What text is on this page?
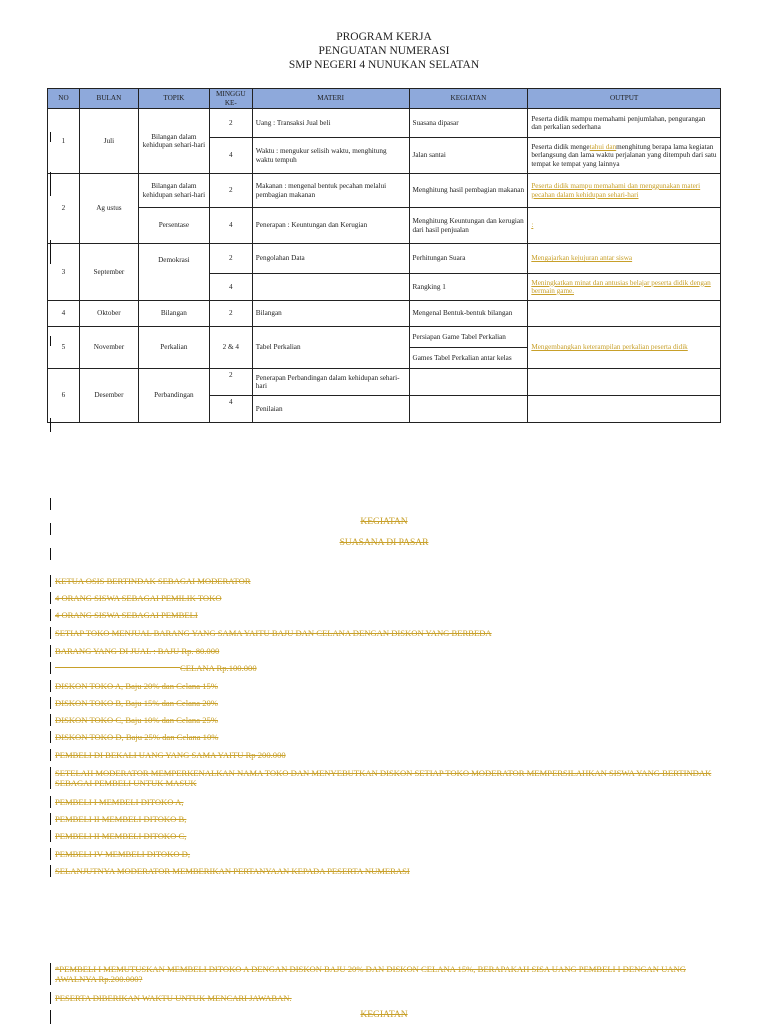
PROGRAM KERJA
PENGUATAN NUMERASI
SMP NEGERI 4 NUNUKAN SELATAN
NO	BULAN	TOPIK	MINGGU KE-	MATERI	KEGIATAN	OUTPUT
1	Juli	Bilangan dalam kehidupan sehari-hari	2	Uang : Transaksi Jual beli	Suasana dipasar	Peserta didik mampu memahami penjumlahan, pengurangan dan perkalian sederhana
			4	Waktu : mengukur selisih waktu, menghitung waktu tempuh	Jalan santai	Peserta didik mengetahui danmenghitung berapa lama kegiatan berlangsung dan lama waktu perjalanan yang ditempuh dari satu tempat ke tempat yang lainnya
2	Ag ustus	Bilangan dalam kehidupan sehari-hari	2	Makanan : mengenal bentuk pecahan melalui pembagian makanan	Menghitung hasil pembagian makanan	Peserta didik mampu memahami dan menggunakan materi pecahan dalam kehidupan sehari-hari
		Persentase	4	Penerapan : Keuntungan dan Kerugian	Menghitung Keuntungan dan kerugian dari hasil penjualan	:
3	September	Demokrasi	2	Pengolahan Data	Perhitungan Suara	Mengajarkan kejujuran antar siswa
			4		Rangking 1	Meningkatkan minat dan antusias belajar peserta didik dengan bermain game.
4	Oktober	Bilangan	2	Bilangan	Mengenal Bentuk-bentuk bilangan	
5	November	Perkalian	2 & 4	Tabel Perkalian	Persiapan Game Tabel Perkalian	Mengembangkan keterampilan perkalian peserta didik
					Games Tabel Perkalian antar kelas	
6	Desember	Perbandingan	2	Penerapan Perbandingan dalam kehidupan sehari-hari		
			4	Penilaian		
KEGIATAN
SUASANA DI PASAR
KETUA OSIS BERTINDAK SEBAGAI MODERATOR
4 ORANG SISWA SEBAGAI PEMILIK TOKO
4 ORANG SISWA SEBAGAI PEMBELI
SETIAP TOKO MENJUAL BARANG YANG SAMA YAITU BAJU DAN CELANA DENGAN DISKON YANG BERBEDA
BARANG YANG DI JUAL : BAJU Rp. 80.000
CELANA Rp.100.000
DISKON TOKO A, Baju 20% dan Celana 15%
DISKON TOKO B, Baju 15% dan Celana 20%
DISKON TOKO C, Baju 10% dan Celana 25%
DISKON TOKO D, Baju 25% dan Celana 10%
PEMBELI DI BEKALI UANG YANG SAMA YAITU Rp 200.000
SETELAH MODERATOR MEMPERKENALKAN NAMA TOKO DAN MENYEBUTKAN DISKON SETIAP TOKO MODERATOR MEMPERSILAHKAN SISWA YANG BERTINDAK SEBAGAI PEMBELI UNTUK MASUK
PEMBELI I MEMBELI DITOKO A,
PEMBELI II MEMBELI DITOKO B,
PEMBELI II MEMBELI DITOKO C,
PEMBELI IV MEMBELI DITOKO D,
SELANJUTNYA MODERATOR MEMBERIKAN PERTANYAAN KEPADA PESERTA NUMERASI
*PEMBELI I MEMUTUSKAN MEMBELI DITOKO A DENGAN DISKON BAJU 20% DAN DISKON CELANA 15%, BERAPAKAH SISA UANG PEMBELI I DENGAN UANG AWALNYA Rp.200.000?
PESERTA DIBERIKAN WAKTU UNTUK MENCARI JAWABAN.
KEGIATAN
